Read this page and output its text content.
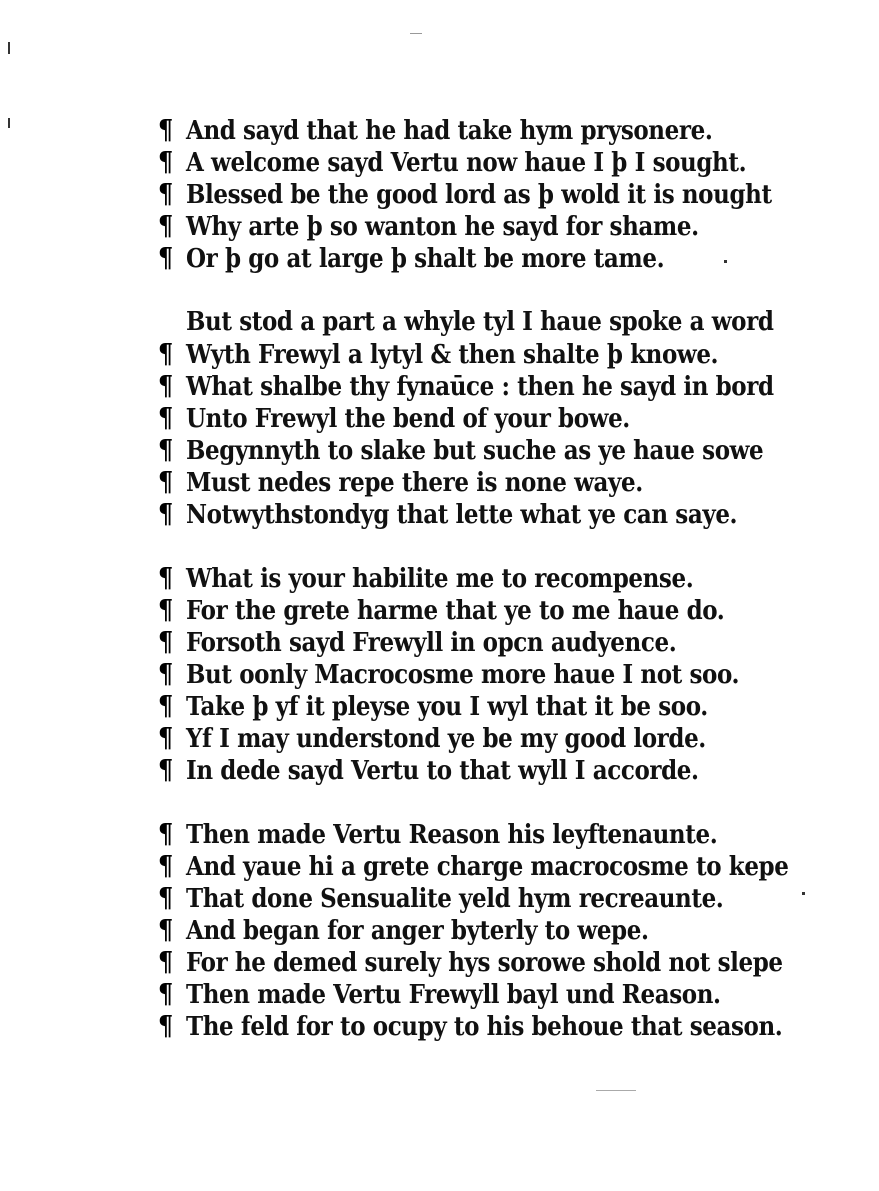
¶ And sayd that he had take hym prysonere.
¶ A welcome sayd Vertu now haue I þ I sought.
¶ Blessed be the good lord as þ wold it is nought
¶ Why arte þ so wanton he sayd for shame.
¶ Or þ go at large þ shalt be more tame.
But stod a part a whyle tyl I haue spoke a word
¶ Wyth Frewyl a lytyl & then shalte þ knowe.
¶ What shalbe thy fynaūce : then he sayd in bord
¶ Unto Frewyl the bend of your bowe.
¶ Begynnyth to slake but suche as ye haue sowe
¶ Must nedes repe there is none waye.
¶ Notwythstondyg that lette what ye can saye.
¶ What is your habilite me to recompense.
¶ For the grete harme that ye to me haue do.
¶ Forsoth sayd Frewyll in opcn audyence.
¶ But oonly Macrocosme more haue I not soo.
¶ Take þ yf it pleyse you I wyl that it be soo.
¶ Yf I may understond ye be my good lorde.
¶ In dede sayd Vertu to that wyll I accorde.
¶ Then made Vertu Reason his leyftenaunte.
¶ And yaue hi a grete charge macrocosme to kepe
¶ That done Sensualite yeld hym recreaunte.
¶ And began for anger byterly to wepe.
¶ For he demed surely hys sorowe shold not slepe
¶ Then made Vertu Frewyll bayl und Reason.
¶ The feld for to ocupy to his behoue that season.
